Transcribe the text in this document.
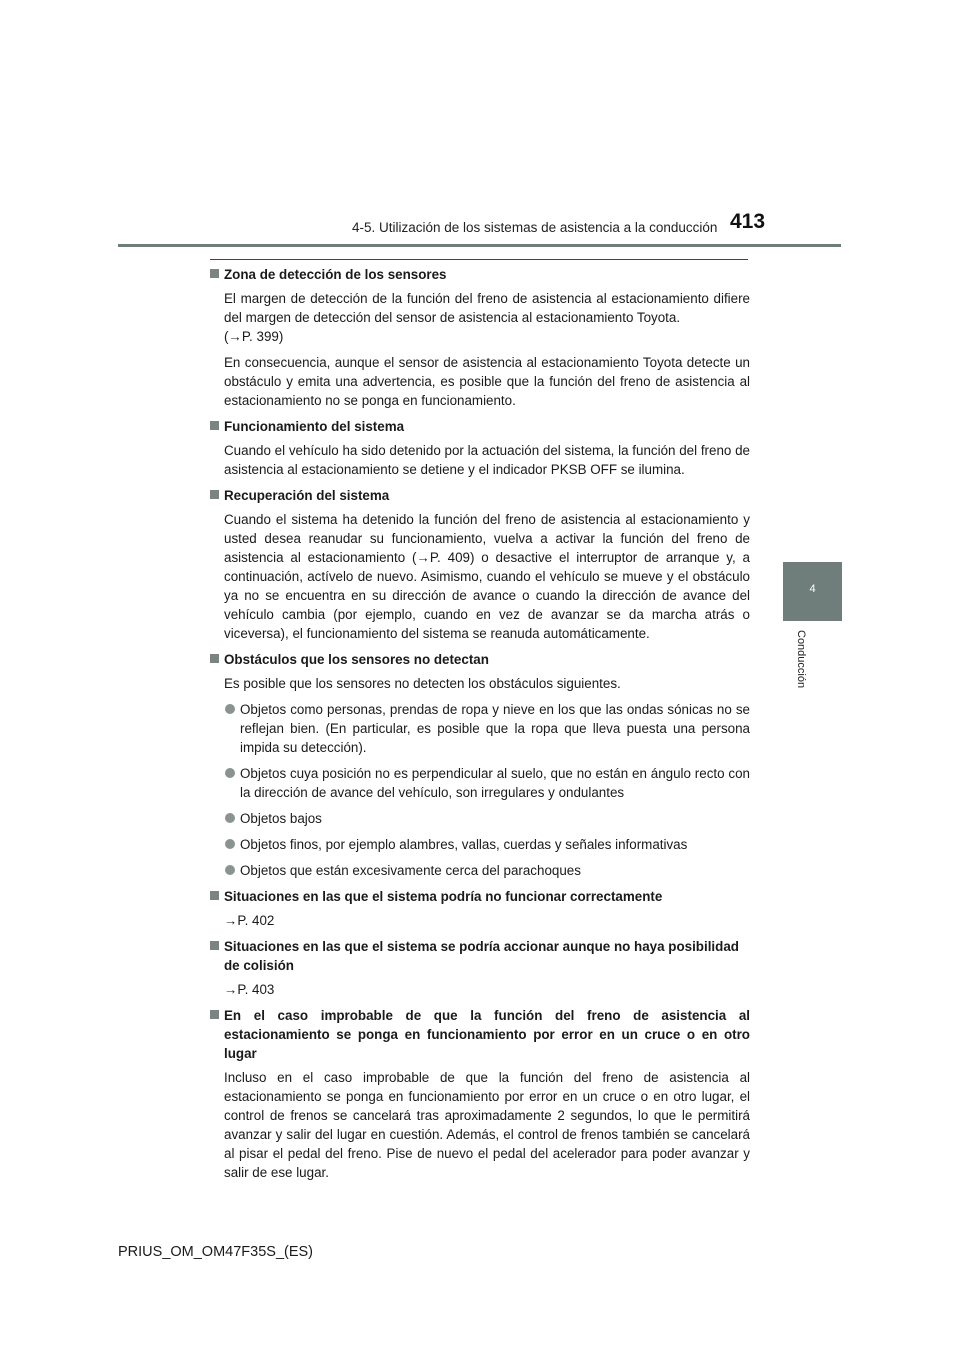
4-5. Utilización de los sistemas de asistencia a la conducción 413
4
Conducción
Zona de detección de los sensores

El margen de detección de la función del freno de asistencia al estacionamiento difiere del margen de detección del sensor de asistencia al estacionamiento Toyota.

(→P. 399)

En consecuencia, aunque el sensor de asistencia al estacionamiento Toyota detecte un obstáculo y emita una advertencia, es posible que la función del freno de asistencia al estacionamiento no se ponga en funcionamiento.

Funcionamiento del sistema

Cuando el vehículo ha sido detenido por la actuación del sistema, la función del freno de asistencia al estacionamiento se detiene y el indicador PKSB OFF se ilumina.

Recuperación del sistema

Cuando el sistema ha detenido la función del freno de asistencia al estacionamiento y usted desea reanudar su funcionamiento, vuelva a activar la función del freno de asistencia al estacionamiento (→P. 409) o desactive el interruptor de arranque y, a continuación, actívelo de nuevo. Asimismo, cuando el vehículo se mueve y el obstáculo ya no se encuentra en su dirección de avance o cuando la dirección de avance del vehículo cambia (por ejemplo, cuando en vez de avanzar se da marcha atrás o viceversa), el funcionamiento del sistema se reanuda automáticamente.

Obstáculos que los sensores no detectan

Es posible que los sensores no detecten los obstáculos siguientes.

Objetos como personas, prendas de ropa y nieve en los que las ondas sónicas no se reflejan bien. (En particular, es posible que la ropa que lleva puesta una persona impida su detección).
Objetos cuya posición no es perpendicular al suelo, que no están en ángulo recto con la dirección de avance del vehículo, son irregulares y ondulantes
Objetos bajos
Objetos finos, por ejemplo alambres, vallas, cuerdas y señales informativas
Objetos que están excesivamente cerca del parachoques
Situaciones en las que el sistema podría no funcionar correctamente

→P. 402

Situaciones en las que el sistema se podría accionar aunque no haya posibilidad de colisión

→P. 403

En el caso improbable de que la función del freno de asistencia al estacionamiento se ponga en funcionamiento por error en un cruce o en otro lugar

Incluso en el caso improbable de que la función del freno de asistencia al estacionamiento se ponga en funcionamiento por error en un cruce o en otro lugar, el control de frenos se cancelará tras aproximadamente 2 segundos, lo que le permitirá avanzar y salir del lugar en cuestión. Además, el control de frenos también se cancelará al pisar el pedal del freno. Pise de nuevo el pedal del acelerador para poder avanzar y salir de ese lugar.

PRIUS_OM_OM47F35S_(ES)
